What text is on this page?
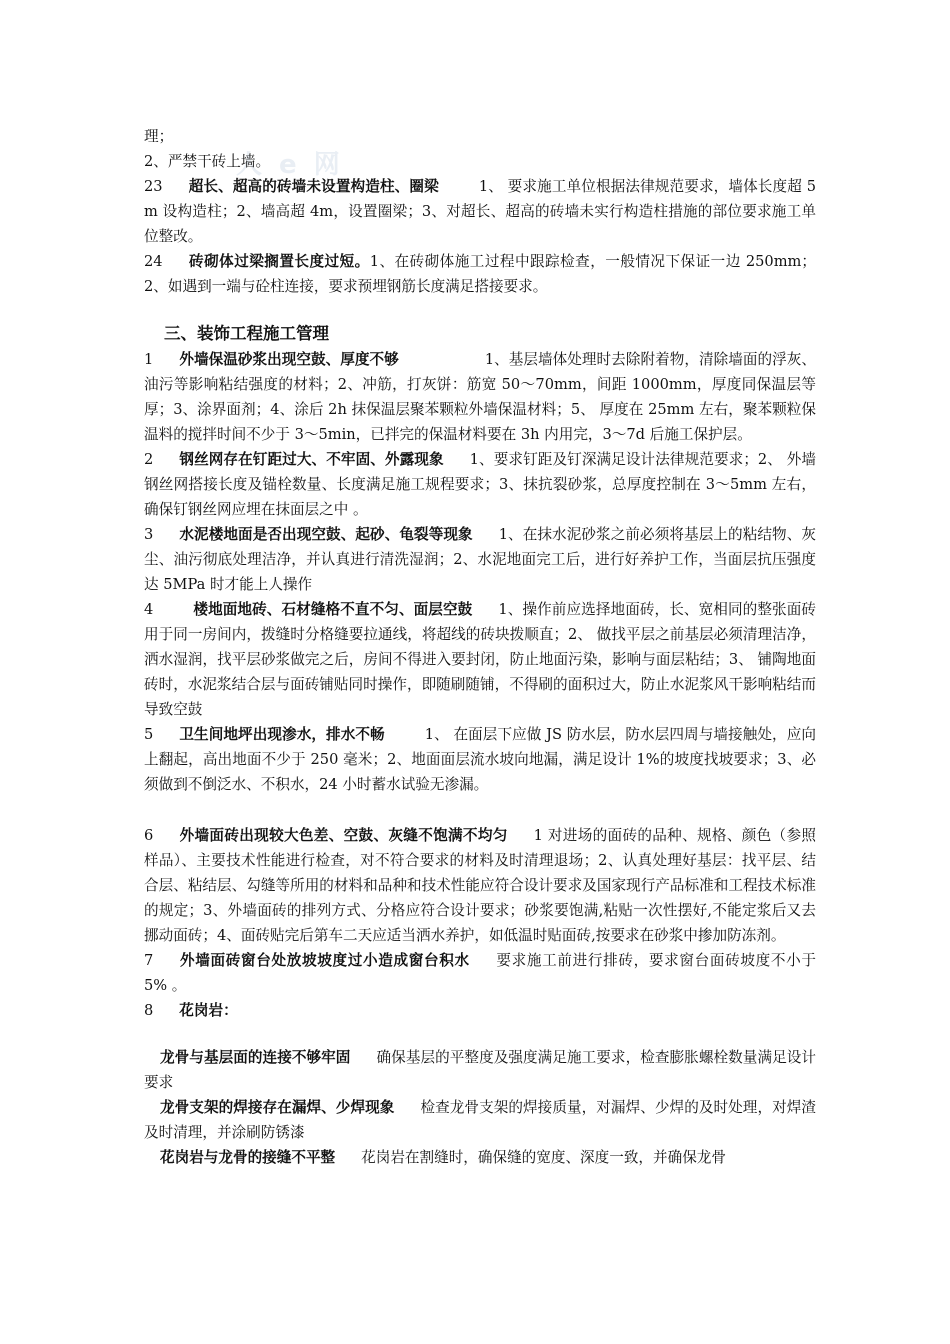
人 e 网

理；

2、严禁干砖上墙。

23 超长、超高的砖墙未设置构造柱、圈梁	1、 要求施工单位根据法律规范要求，墙体长度超 5m 设构造柱；2、墙高超 4m，设置圈梁；3、对超长、超高的砖墙未实行构造柱措施的部位要求施工单位整改。

24 砖砌体过梁搁置长度过短。1、在砖砌体施工过程中跟踪检查，一般情况下保证一边 250mm；2、如遇到一端与砼柱连接，要求预埋钢筋长度满足搭接要求。

三、装饰工程施工管理

1 外墙保温砂浆出现空鼓、厚度不够	1、基层墙体处理时去除附着物，清除墙面的浮灰、油污等影响粘结强度的材料；2、冲筋，打灰饼：筋宽 50～70mm，间距 1000mm，厚度同保温层等厚；3、涂界面剂；4、涂后 2h 抹保温层聚苯颗粒外墙保温材料；5、 厚度在 25mm 左右，聚苯颗粒保温料的搅拌时间不少于 3～5min，已拌完的保温材料要在 3h 内用完，3～7d 后施工保护层。

2 钢丝网存在钉距过大、不牢固、外露现象 1、要求钉距及钉深满足设计法律规范要求；2、 外墙钢丝网搭接长度及锚栓数量、长度满足施工规程要求；3、抹抗裂砂浆，总厚度控制在 3～5mm 左右，确保钉钢丝网应埋在抹面层之中 。

3 水泥楼地面是否出现空鼓、起砂、龟裂等现象 1、在抹水泥砂浆之前必须将基层上的粘结物、灰尘、油污彻底处理洁净，并认真进行清洗湿润；2、水泥地面完工后，进行好养护工作，当面层抗压强度达 5MPa 时才能上人操作

4	楼地面地砖、石材缝格不直不匀、面层空鼓 1、操作前应选择地面砖，长、宽相同的整张面砖用于同一房间内，拨缝时分格缝要拉通线，将超线的砖块拨顺直；2、 做找平层之前基层必须清理洁净，洒水湿润，找平层砂浆做完之后，房间不得进入要封闭，防止地面污染，影响与面层粘结；3、 铺陶地面砖时，水泥浆结合层与面砖铺贴同时操作，即随刷随铺，不得刷的面积过大，防止水泥浆风干影响粘结而导致空鼓

5 卫生间地坪出现渗水，排水不畅	1、 在面层下应做 JS 防水层，防水层四周与墙接触处，应向上翻起，高出地面不少于 250 毫米；2、地面面层流水坡向地漏，满足设计 1%的坡度找坡要求；3、必须做到不倒泛水、不积水，24 小时蓄水试验无渗漏。

6 外墙面砖出现较大色差、空鼓、灰缝不饱满不均匀 1 对进场的面砖的品种、规格、颜色（参照样品）、主要技术性能进行检查，对不符合要求的材料及时清理退场；2、认真处理好基层：找平层、结合层、粘结层、勾缝等所用的材料和品种和技术性能应符合设计要求及国家现行产品标准和工程技术标准的规定；3、外墙面砖的排列方式、分格应符合设计要求；砂浆要饱满,粘贴一次性摆好,不能定浆后又去挪动面砖；4、面砖贴完后第车二天应适当洒水养护，如低温时贴面砖,按要求在砂浆中掺加防冻剂。

7 外墙面砖窗台处放坡坡度过小造成窗台积水 要求施工前进行排砖，要求窗台面砖坡度不小于 5% 。

8 花岗岩：

龙骨与基层面的连接不够牢固 确保基层的平整度及强度满足施工要求，检查膨胀螺栓数量满足设计要求

龙骨支架的焊接存在漏焊、少焊现象 检查龙骨支架的焊接质量，对漏焊、少焊的及时处理，对焊渣及时清理，并涂刷防锈漆

花岗岩与龙骨的接缝不平整 花岗岩在割缝时，确保缝的宽度、深度一致，并确保龙骨
